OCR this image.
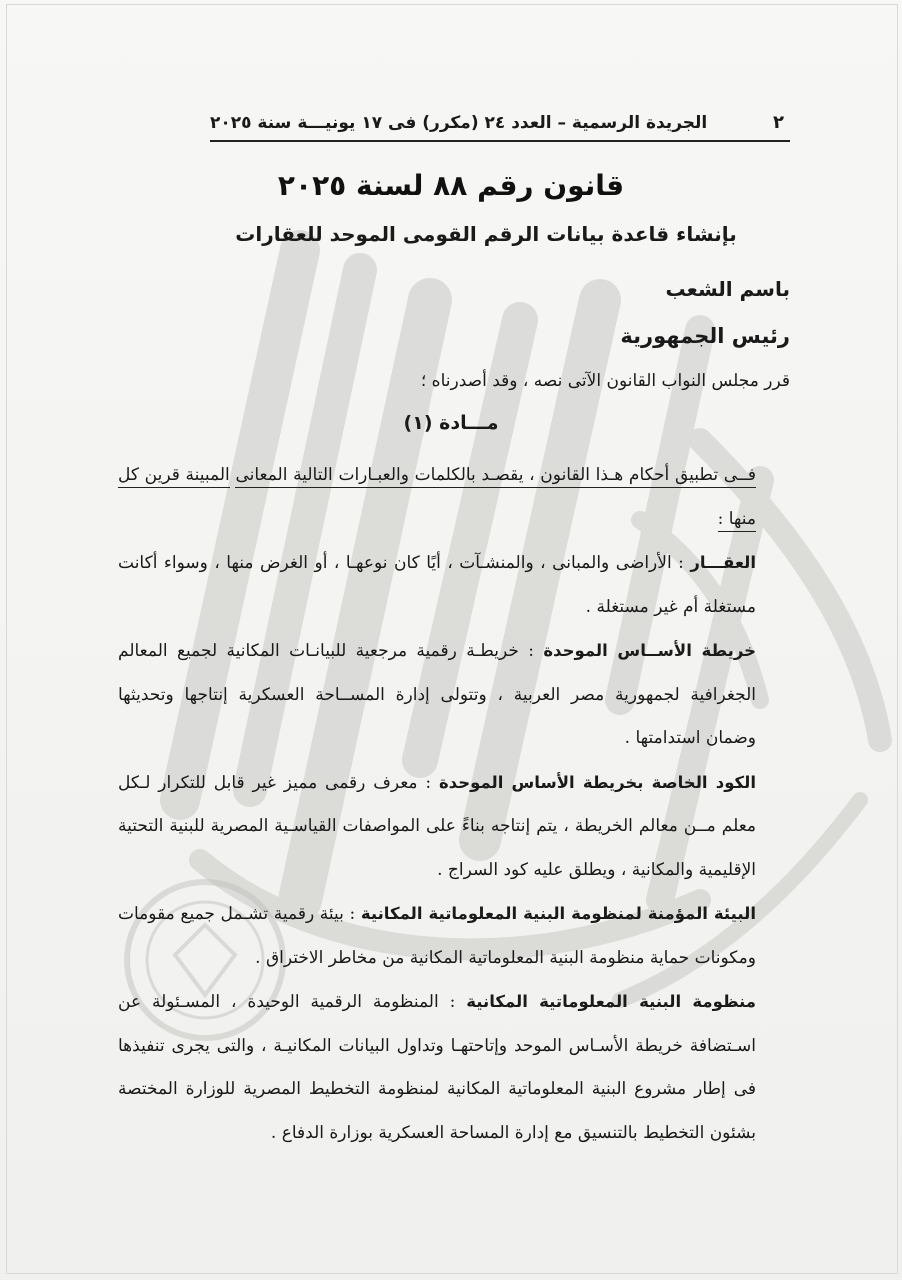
٢
الجريدة الرسمية – العدد ٢٤ (مكرر) فى ١٧ يونيـــة سنة ٢٠٢٥
قانون رقم ٨٨ لسنة ٢٠٢٥
بإنشاء قاعدة بيانات الرقم القومى الموحد للعقارات
باسم الشعب
رئيس الجمهورية
قرر مجلس النواب القانون الآتى نصه ، وقد أصدرناه ؛
مـــادة (١)

فــى تطبيق أحكام هـذا القانون ، يقصـد بالكلمات والعبـارات التالية المعانى المبينة قرين كل منها :

العقـــار : الأراضى والمبانى ، والمنشـآت ، أيًا كان نوعهـا ، أو الغرض منها ، وسواء أكانت مستغلة أم غير مستغلة .

خريطة الأســاس الموحدة : خريطـة رقمية مرجعية للبيانـات المكانية لجميع المعالم الجغرافية لجمهورية مصر العربية ، وتتولى إدارة المســاحة العسكرية إنتاجها وتحديثها وضمان استدامتها .

الكود الخاصة بخريطة الأساس الموحدة : معرف رقمى مميز غير قابل للتكرار لـكل معلم مــن معالم الخريطة ، يتم إنتاجه بناءً على المواصفات القياسـية المصرية للبنية التحتية الإقليمية والمكانية ، ويطلق عليه كود السراج .

البيئة المؤمنة لمنظومة البنية المعلوماتية المكانية : بيئة رقمية تشـمل جميع مقومات ومكونات حماية منظومة البنية المعلوماتية المكانية من مخاطر الاختراق .

منظومة البنية المعلوماتية المكانية : المنظومة الرقمية الوحيدة ، المسـئولة عن اسـتضافة خريطة الأسـاس الموحد وإتاحتهـا وتداول البيانات المكانيـة ، والتى يجرى تنفيذها فى إطار مشروع البنية المعلوماتية المكانية لمنظومة التخطيط المصرية للوزارة المختصة بشئون التخطيط بالتنسيق مع إدارة المساحة العسكرية بوزارة الدفاع .
